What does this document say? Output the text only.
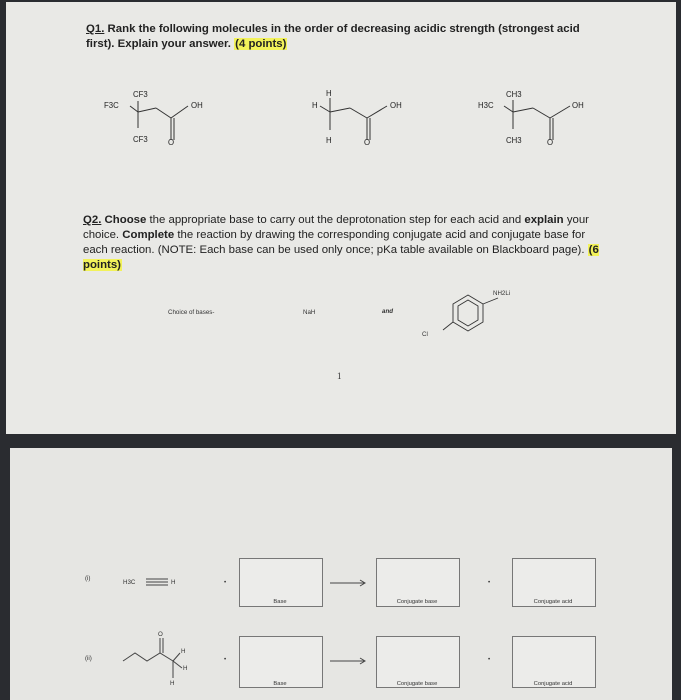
Q1. Rank the following molecules in the order of decreasing acidic strength (strongest acid first). Explain your answer. (4 points)
CF3
F3C
CF3
OH
O
H
H
H
OH
O
CH3
H3C
CH3
OH
O
Q2. Choose the appropriate base to carry out the deprotonation step for each acid and explain your choice. Complete the reaction by drawing the corresponding conjugate acid and conjugate base for each reaction. (NOTE: Each base can be used only once; pKa table available on Blackboard page). (6 points)
Choice of bases-	NaH	and
NH2Li
Cl
1
(i)
H3C	H	•	•
Base	Conjugate base	Conjugate acid
(ii)
O
H
H
H
•	•
Base	Conjugate base	Conjugate acid
